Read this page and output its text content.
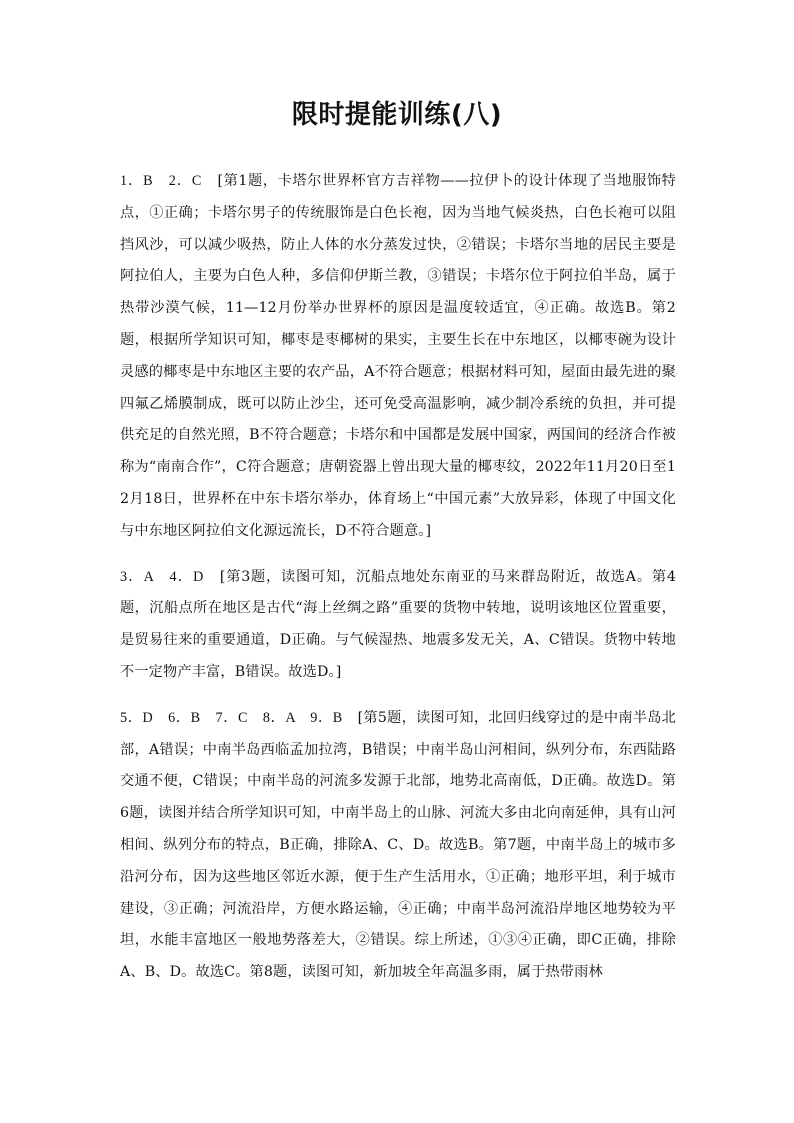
限时提能训练(八)

1．B　2．C　[第1题，卡塔尔世界杯官方吉祥物——拉伊卜的设计体现了当地服饰特点，①正确；卡塔尔男子的传统服饰是白色长袍，因为当地气候炎热，白色长袍可以阻挡风沙，可以减少吸热，防止人体的水分蒸发过快，②错误；卡塔尔当地的居民主要是阿拉伯人，主要为白色人种，多信仰伊斯兰教，③错误；卡塔尔位于阿拉伯半岛，属于热带沙漠气候，11—12月份举办世界杯的原因是温度较适宜，④正确。故选B。第2题，根据所学知识可知，椰枣是枣椰树的果实，主要生长在中东地区，以椰枣碗为设计灵感的椰枣是中东地区主要的农产品，A不符合题意；根据材料可知，屋面由最先进的聚四氟乙烯膜制成，既可以防止沙尘，还可免受高温影响，减少制冷系统的负担，并可提供充足的自然光照，B不符合题意；卡塔尔和中国都是发展中国家，两国间的经济合作被称为“南南合作”，C符合题意；唐朝瓷器上曾出现大量的椰枣纹，2022年11月20日至12月18日，世界杯在中东卡塔尔举办，体育场上“中国元素”大放异彩，体现了中国文化与中东地区阿拉伯文化源远流长，D不符合题意。]

3．A　4．D　[第3题，读图可知，沉船点地处东南亚的马来群岛附近，故选A。第4题，沉船点所在地区是古代“海上丝绸之路”重要的货物中转地，说明该地区位置重要，是贸易往来的重要通道，D正确。与气候湿热、地震多发无关，A、C错误。货物中转地不一定物产丰富，B错误。故选D。]

5．D　6．B　7．C　8．A　9．B　[第5题，读图可知，北回归线穿过的是中南半岛北部，A错误；中南半岛西临孟加拉湾，B错误；中南半岛山河相间，纵列分布，东西陆路交通不便，C错误；中南半岛的河流多发源于北部，地势北高南低，D正确。故选D。第6题，读图并结合所学知识可知，中南半岛上的山脉、河流大多由北向南延伸，具有山河相间、纵列分布的特点，B正确，排除A、C、D。故选B。第7题，中南半岛上的城市多沿河分布，因为这些地区邻近水源，便于生产生活用水，①正确；地形平坦，利于城市建设，③正确；河流沿岸，方便水路运输，④正确；中南半岛河流沿岸地区地势较为平坦，水能丰富地区一般地势落差大，②错误。综上所述，①③④正确，即C正确，排除A、B、D。故选C。第8题，读图可知，新加坡全年高温多雨，属于热带雨林
